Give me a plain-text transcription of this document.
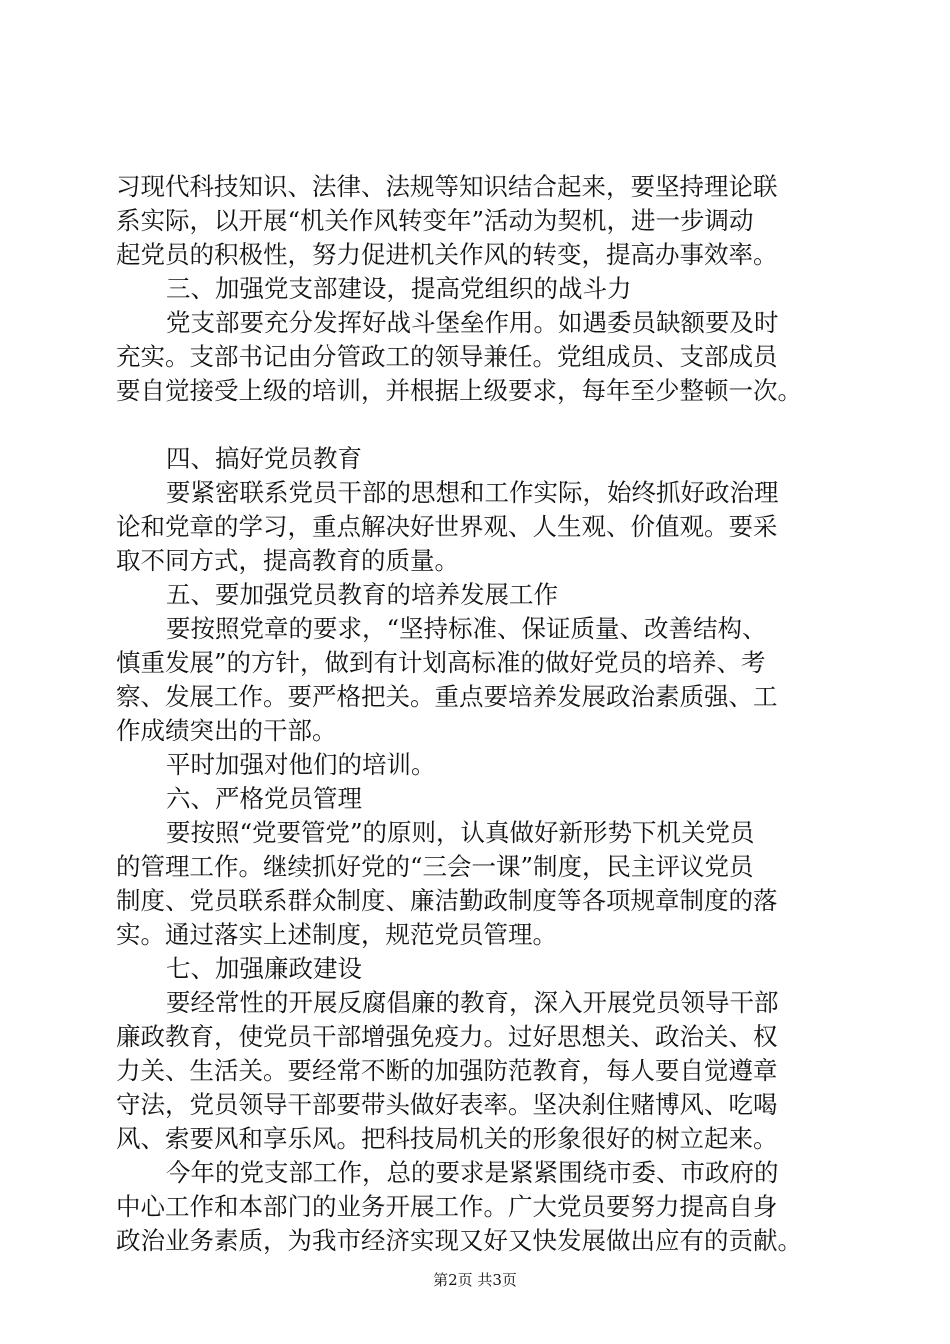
习现代科技知识、法律、法规等知识结合起来，要坚持理论联
系实际，以开展“机关作风转变年”活动为契机，进一步调动
起党员的积极性，努力促进机关作风的转变，提高办事效率。
三、加强党支部建设，提高党组织的战斗力
党支部要充分发挥好战斗堡垒作用。如遇委员缺额要及时
充实。支部书记由分管政工的领导兼任。党组成员、支部成员
要自觉接受上级的培训，并根据上级要求，每年至少整顿一次。
四、搞好党员教育
要紧密联系党员干部的思想和工作实际，始终抓好政治理
论和党章的学习，重点解决好世界观、人生观、价值观。要采
取不同方式，提高教育的质量。
五、要加强党员教育的培养发展工作
要按照党章的要求，“坚持标准、保证质量、改善结构、
慎重发展”的方针，做到有计划高标准的做好党员的培养、考
察、发展工作。要严格把关。重点要培养发展政治素质强、工
作成绩突出的干部。
平时加强对他们的培训。
六、严格党员管理
要按照“党要管党”的原则，认真做好新形势下机关党员
的管理工作。继续抓好党的“三会一课”制度，民主评议党员
制度、党员联系群众制度、廉洁勤政制度等各项规章制度的落
实。通过落实上述制度，规范党员管理。
七、加强廉政建设
要经常性的开展反腐倡廉的教育，深入开展党员领导干部
廉政教育，使党员干部增强免疫力。过好思想关、政治关、权
力关、生活关。要经常不断的加强防范教育，每人要自觉遵章
守法，党员领导干部要带头做好表率。坚决刹住赌博风、吃喝
风、索要风和享乐风。把科技局机关的形象很好的树立起来。
今年的党支部工作，总的要求是紧紧围绕市委、市政府的
中心工作和本部门的业务开展工作。广大党员要努力提高自身
政治业务素质，为我市经济实现又好又快发展做出应有的贡献。
第2页 共3页
